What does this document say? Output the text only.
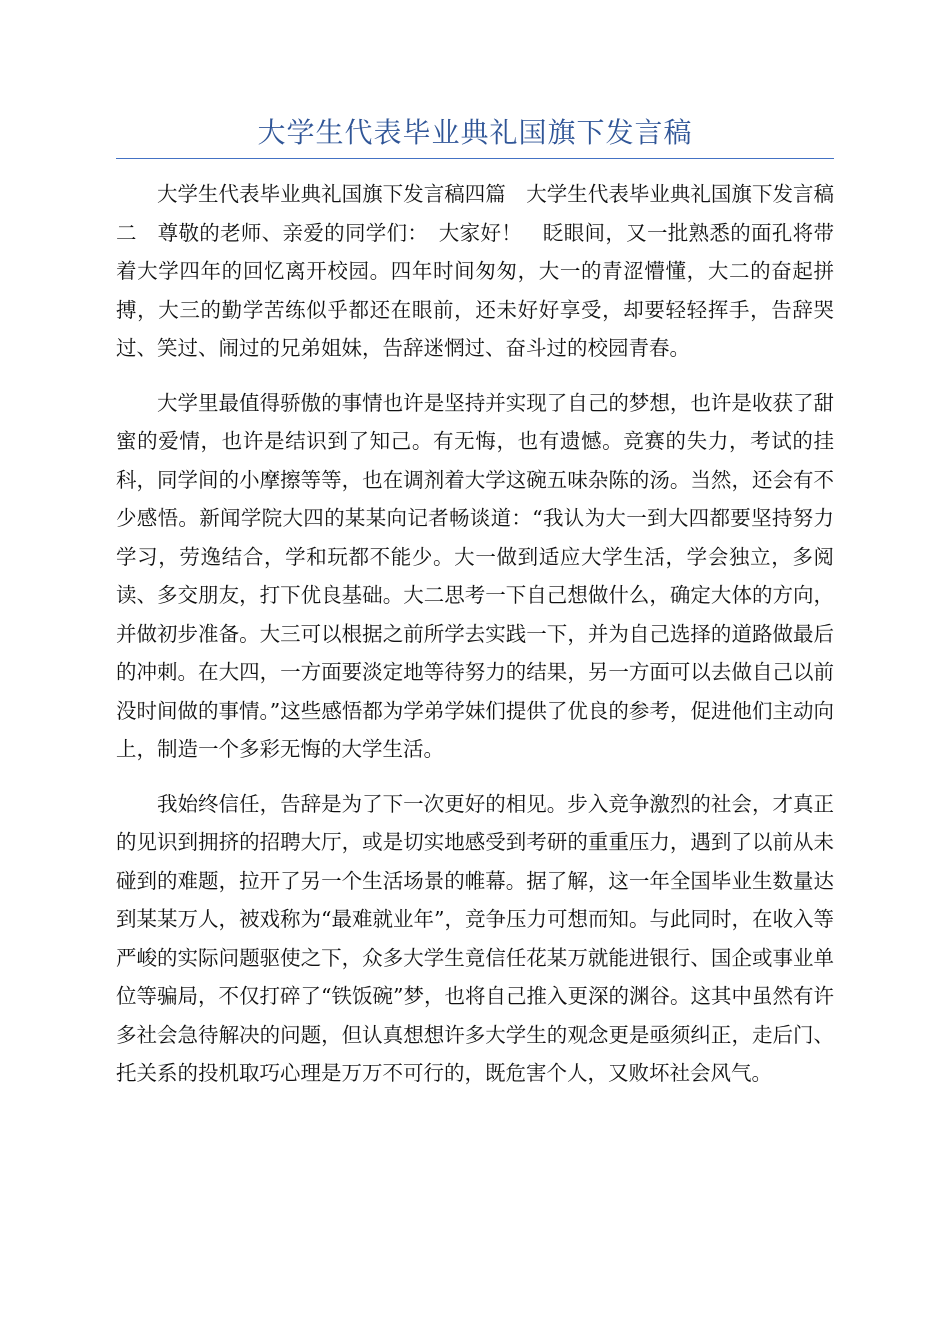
大学生代表毕业典礼国旗下发言稿

大学生代表毕业典礼国旗下发言稿四篇　大学生代表毕业典礼国旗下发言稿二　尊敬的老师、亲爱的同学们：　大家好！　眨眼间，又一批熟悉的面孔将带着大学四年的回忆离开校园。四年时间匆匆，大一的青涩懵懂，大二的奋起拼搏，大三的勤学苦练似乎都还在眼前，还未好好享受，却要轻轻挥手，告辞哭过、笑过、闹过的兄弟姐妹，告辞迷惘过、奋斗过的校园青春。

大学里最值得骄傲的事情也许是坚持并实现了自己的梦想，也许是收获了甜蜜的爱情，也许是结识到了知己。有无悔，也有遗憾。竞赛的失力，考试的挂科，同学间的小摩擦等等，也在调剂着大学这碗五味杂陈的汤。当然，还会有不少感悟。新闻学院大四的某某向记者畅谈道：“我认为大一到大四都要坚持努力学习，劳逸结合，学和玩都不能少。大一做到适应大学生活，学会独立，多阅读、多交朋友，打下优良基础。大二思考一下自己想做什么，确定大体的方向，并做初步准备。大三可以根据之前所学去实践一下，并为自己选择的道路做最后的冲刺。在大四，一方面要淡定地等待努力的结果，另一方面可以去做自己以前没时间做的事情。”这些感悟都为学弟学妹们提供了优良的参考，促进他们主动向上，制造一个多彩无悔的大学生活。

我始终信任，告辞是为了下一次更好的相见。步入竞争激烈的社会，才真正的见识到拥挤的招聘大厅，或是切实地感受到考研的重重压力，遇到了以前从未碰到的难题，拉开了另一个生活场景的帷幕。据了解，这一年全国毕业生数量达到某某万人，被戏称为“最难就业年”，竞争压力可想而知。与此同时，在收入等严峻的实际问题驱使之下，众多大学生竟信任花某万就能进银行、国企或事业单位等骗局，不仅打碎了“铁饭碗”梦，也将自己推入更深的渊谷。这其中虽然有许多社会急待解决的问题，但认真想想许多大学生的观念更是亟须纠正，走后门、托关系的投机取巧心理是万万不可行的，既危害个人，又败坏社会风气。
